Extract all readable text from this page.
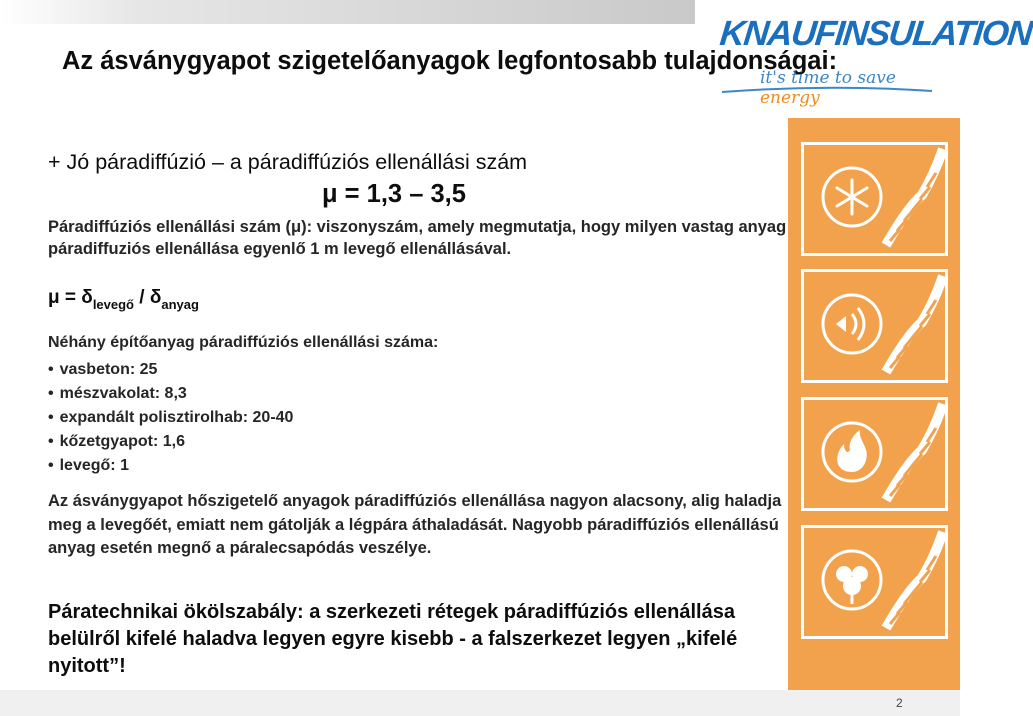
Az ásványgyapot szigetelőanyagok legfontosabb tulajdonságai:
KNAUFINSULATION
it's time to save energy
+ Jó páradiffúzió – a páradiffúziós ellenállási szám
μ = 1,3 – 3,5

Páradiffúziós ellenállási szám (μ): viszonyszám, amely megmutatja, hogy milyen vastag anyag páradiffuziós ellenállása egyenlő 1 m levegő ellenállásával.

$\mu = \delta_{levegő} / \delta_{anyag}$
Néhány építőanyag páradiffúziós ellenállási száma:
• vasbeton: 25
• mészvakolat: 8,3
• expandált polisztirolhab: 20-40
• kőzetgyapot: 1,6
• levegő: 1

Az ásványgyapot hőszigetelő anyagok páradiffúziós ellenállása nagyon alacsony, alig haladja meg a levegőét, emiatt nem gátolják a légpára áthaladását. Nagyobb páradiffúziós ellenállású anyag esetén megnő a páralecsapódás veszélye.

Páratechnikai ökölszabály: a szerkezeti rétegek páradiffúziós ellenállása belülről kifelé haladva legyen egyre kisebb - a falszerkezet legyen „kifelé nyitott”!

2
